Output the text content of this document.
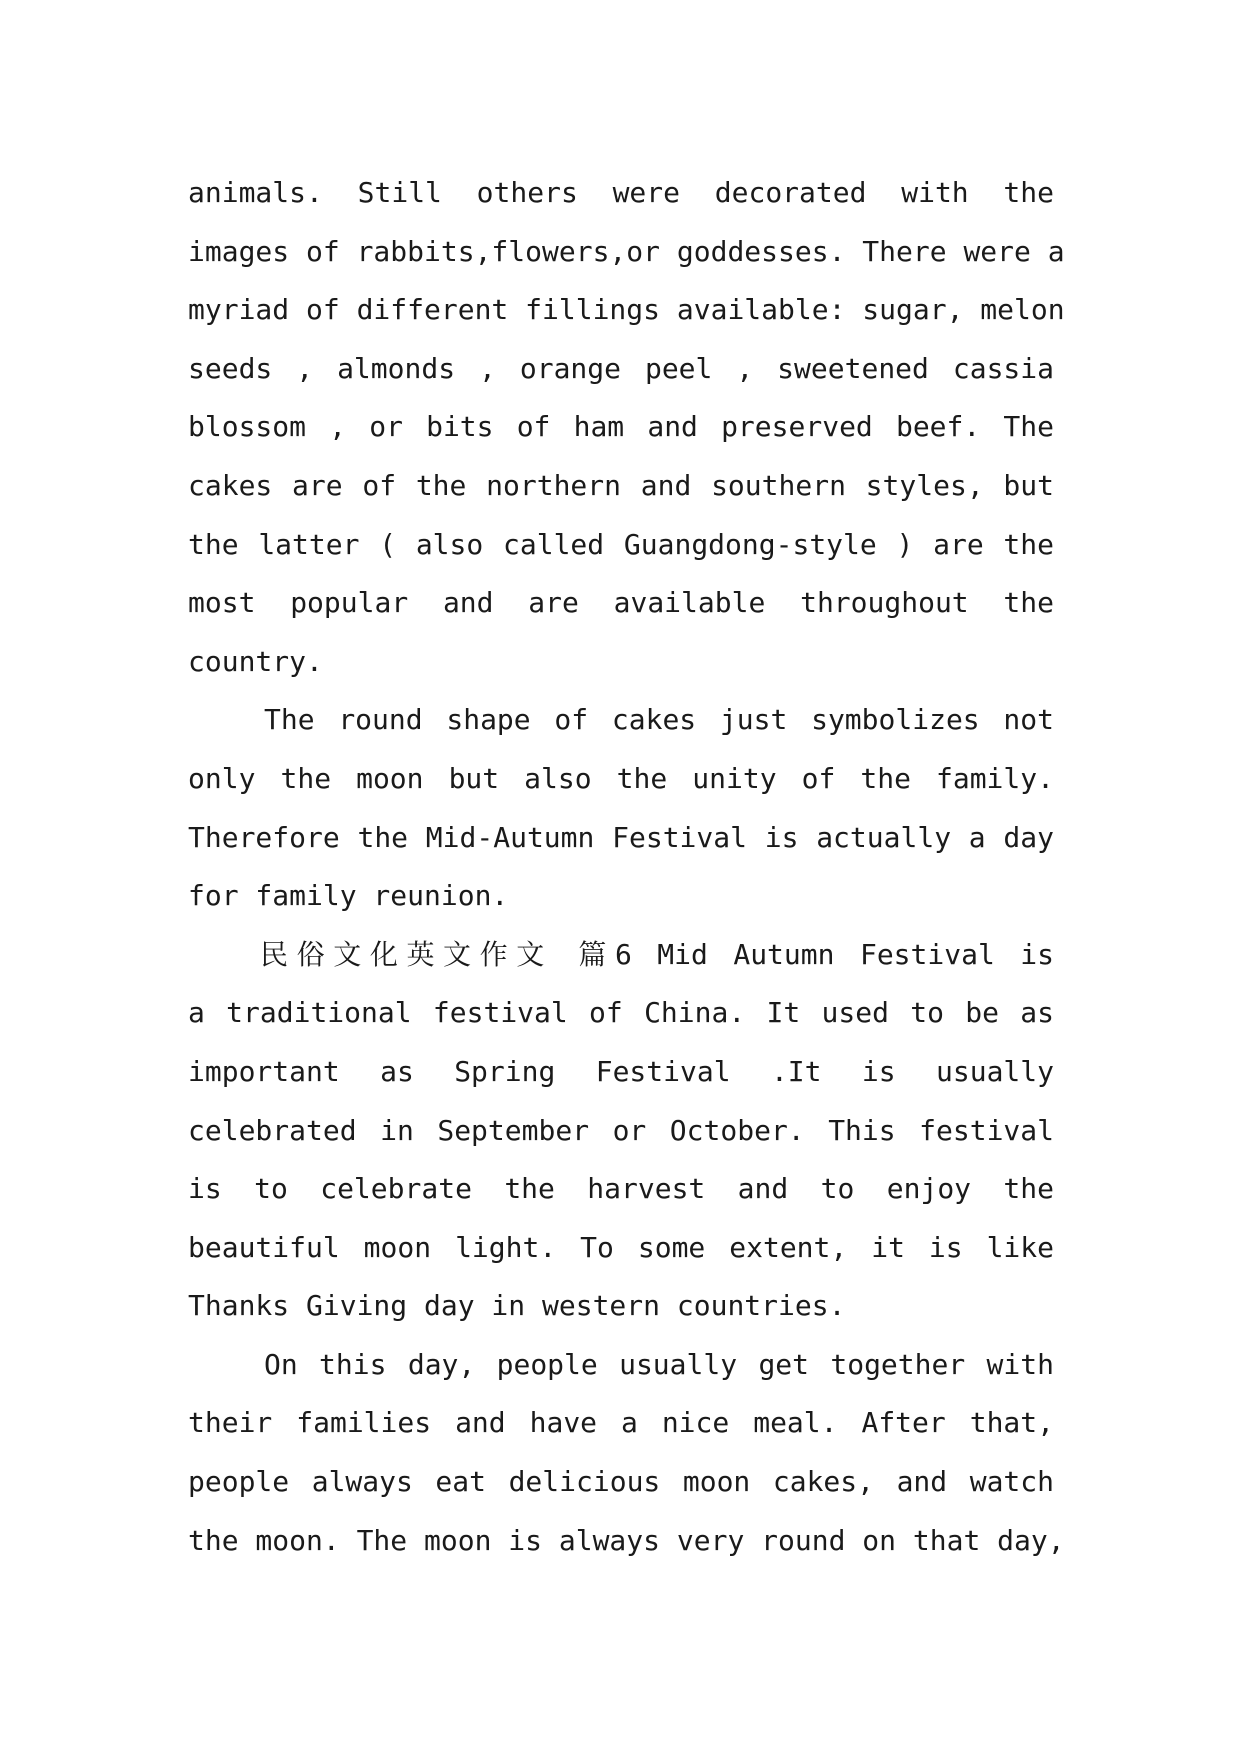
animals. Still others were decorated with the
images of rabbits,flowers,or goddesses. There were a
myriad of different fillings available: sugar, melon
seeds , almonds , orange peel , sweetened cassia
blossom , or bits of ham and preserved beef. The
cakes are of the northern and southern styles, but
the latter ( also called Guangdong-style ) are the
most popular and are available throughout the
country.
The round shape of cakes just symbolizes not
only the moon but also the unity of the family.
Therefore the Mid-Autumn Festival is actually a day
for family reunion.
民俗文化英文作文 篇6 Mid Autumn Festival is
a traditional festival of China. It used to be as
important as Spring Festival .It is usually
celebrated in September or October. This festival
is to celebrate the harvest and to enjoy the
beautiful moon light. To some extent, it is like
Thanks Giving day in western countries.
On this day, people usually get together with
their families and have a nice meal. After that,
people always eat delicious moon cakes, and watch
the moon. The moon is always very round on that day,
